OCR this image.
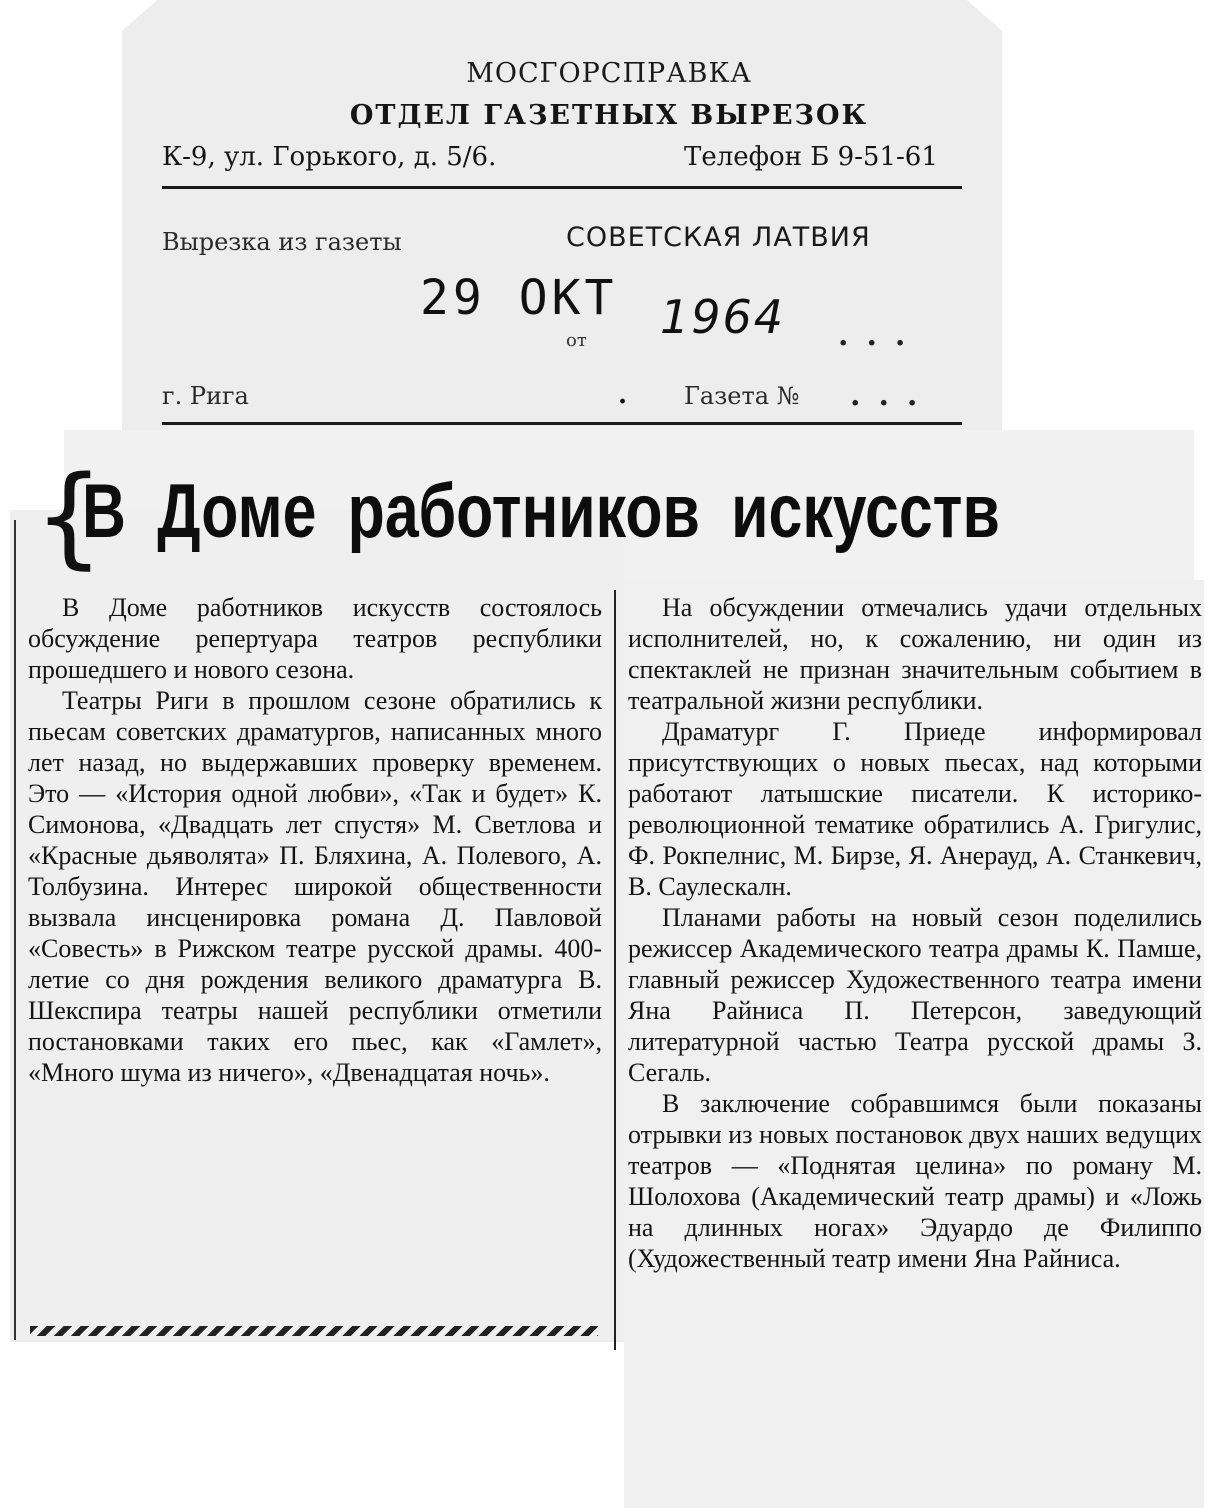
МОСГОРСПРАВКА
ОТДЕЛ ГАЗЕТНЫХ ВЫРЕЗОК
К-9, ул. Горького, д. 5/6.	Телефон Б 9-51-61
Вырезка из газеты	СОВЕТСКАЯ ЛАТВИЯ
29 ОКТ
от 1964 ...
г. Рига	. Газета № ...
{
В Доме работников искусств

В Доме работников искусств состоялось обсуждение репертуара театров республики прошедшего и нового сезона.

Театры Риги в прошлом сезоне обратились к пьесам советских драматургов, написанных много лет назад, но выдержавших проверку временем. Это — «История одной любви», «Так и будет» К. Симонова, «Двадцать лет спустя» М. Светлова и «Красные дьяволята» П. Бляхина, А. Полевого, А. Толбузина. Интерес широкой общественности вызвала инсценировка романа Д. Павловой «Совесть» в Рижском театре русской драмы. 400-летие со дня рождения великого драматурга В. Шекспира театры нашей республики отметили постановками таких его пьес, как «Гамлет», «Много шума из ничего», «Двенадцатая ночь».

На обсуждении отмечались удачи отдельных исполнителей, но, к сожалению, ни один из спектаклей не признан значительным событием в театральной жизни республики.

Драматург Г. Приеде информировал присутствующих о новых пьесах, над которыми работают латышские писатели. К историко-революционной тематике обратились А. Григулис, Ф. Рокпелнис, М. Бирзе, Я. Анерауд, А. Станкевич, В. Саулескалн.

Планами работы на новый сезон поделились режиссер Академического театра драмы К. Памше, главный режиссер Художественного театра имени Яна Райниса П. Петерсон, заведующий литературной частью Театра русской драмы З. Сегаль.

В заключение собравшимся были показаны отрывки из новых постановок двух наших ведущих театров — «Поднятая целина» по роману М. Шолохова (Академический театр драмы) и «Ложь на длинных ногах» Эдуардо де Филиппо (Художественный театр имени Яна Райниса.
